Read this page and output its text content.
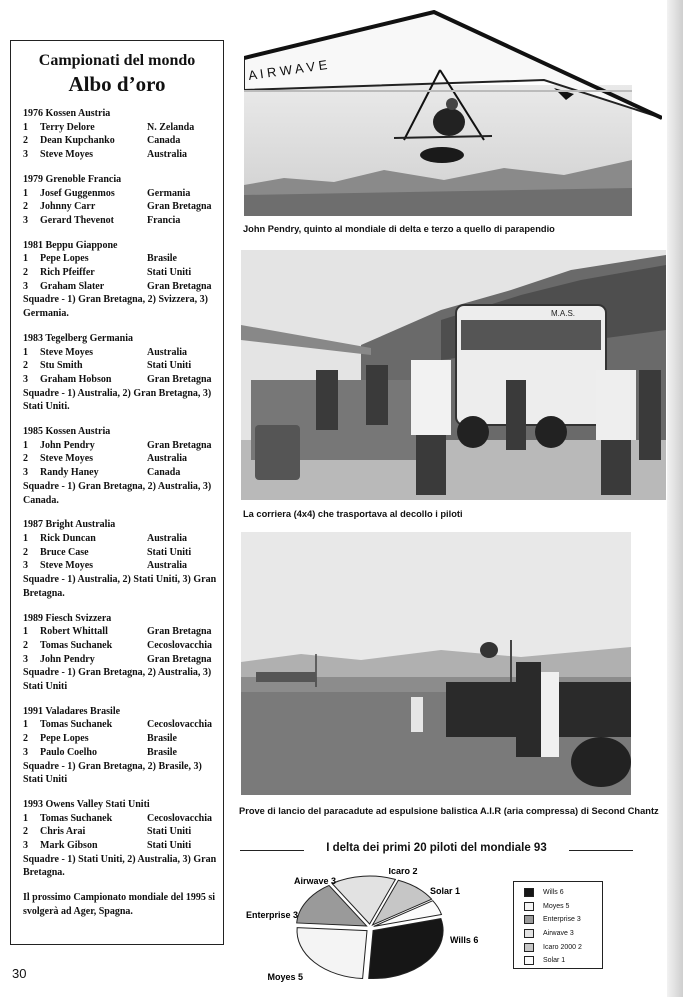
Campionati del mondo
Albo d’oro
1976 Kossen Austria
1	Terry Delore	N. Zelanda
2	Dean Kupchanko	Canada
3	Steve Moyes	Australia
1979 Grenoble Francia
1	Josef Guggenmos	Germania
2	Johnny Carr	Gran Bretagna
3	Gerard Thevenot	Francia
1981 Beppu Giappone
1	Pepe Lopes	Brasile
2	Rich Pfeiffer	Stati Uniti
3	Graham Slater	Gran Bretagna
Squadre - 1) Gran Bretagna, 2) Svizzera, 3) Germania.
1983 Tegelberg Germania
1	Steve Moyes	Australia
2	Stu Smith	Stati Uniti
3	Graham Hobson	Gran Bretagna
Squadre - 1) Australia, 2) Gran Bretagna, 3) Stati Uniti.
1985 Kossen Austria
1	John Pendry	Gran Bretagna
2	Steve Moyes	Australia
3	Randy Haney	Canada
Squadre - 1) Gran Bretagna, 2) Australia, 3) Canada.
1987 Bright Australia
1	Rick Duncan	Australia
2	Bruce Case	Stati Uniti
3	Steve Moyes	Australia
Squadre - 1) Australia, 2) Stati Uniti, 3) Gran Bretagna.
1989 Fiesch Svizzera
1	Robert Whittall	Gran Bretagna
2	Tomas Suchanek	Cecoslovacchia
3	John Pendry	Gran Bretagna
Squadre - 1) Gran Bretagna, 2) Australia, 3) Stati Uniti
1991 Valadares Brasile
1	Tomas Suchanek	Cecoslovacchia
2	Pepe Lopes	Brasile
3	Paulo Coelho	Brasile
Squadre - 1) Gran Bretagna, 2) Brasile, 3) Stati Uniti
1993 Owens Valley Stati Uniti
1	Tomas Suchanek	Cecoslovacchia
2	Chris Arai	Stati Uniti
3	Mark Gibson	Stati Uniti
Squadre - 1) Stati Uniti, 2) Australia, 3) Gran Bretagna.
Il prossimo Campionato mondiale del 1995 si svolgerà ad Ager, Spagna.
A I R W A V E
John Pendry, quinto al mondiale di delta e terzo a quello di parapendio
M.A.S.
La corriera (4x4) che trasportava al decollo i piloti
Prove di lancio del paracadute ad espulsione balistica A.I.R (aria compressa) di Second Chantz
I delta dei primi 20 piloti del mondiale 93
Wills 6
Moyes 5
Enterprise 3
Airwave 3
Icaro 2
Solar 1	Wills 6
Moyes 5
Enterprise 3
Airwave 3
Icaro 2000 2
Solar 1
30
